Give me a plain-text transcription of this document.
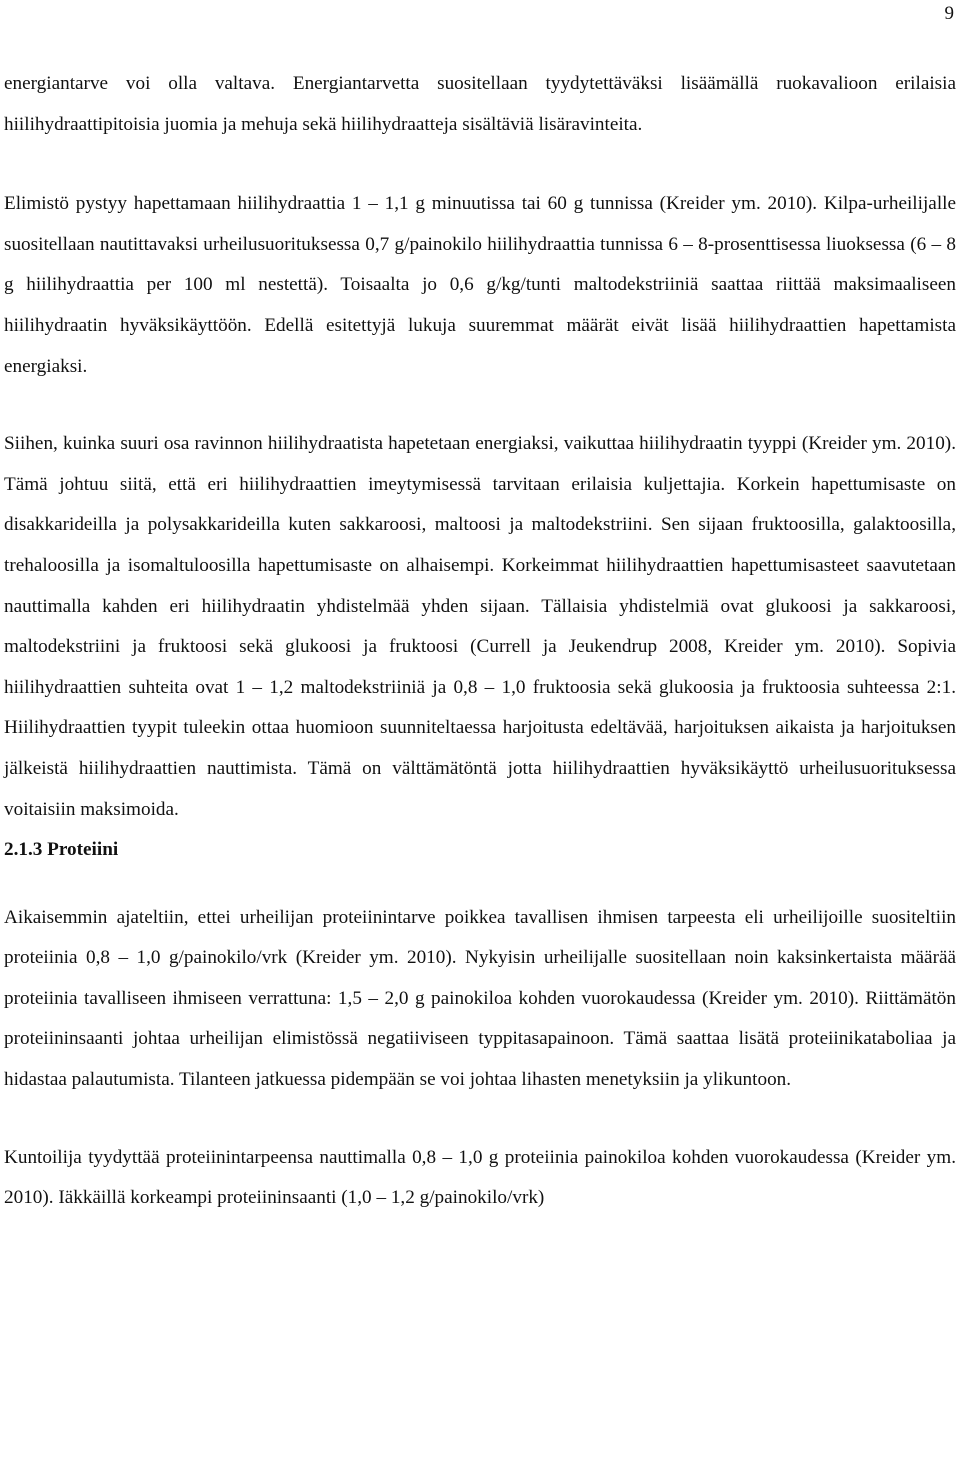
9

energiantarve voi olla valtava. Energiantarvetta suositellaan tyydytettäväksi lisäämällä ruokavalioon erilaisia hiilihydraattipitoisia juomia ja mehuja sekä hiilihydraatteja sisältäviä lisäravinteita.

Elimistö pystyy hapettamaan hiilihydraattia 1 – 1,1 g minuutissa tai 60 g tunnissa (Kreider ym. 2010). Kilpa-urheilijalle suositellaan nautittavaksi urheilusuorituksessa 0,7 g/painokilo hiilihydraattia tunnissa 6 – 8-prosenttisessa liuoksessa (6 – 8 g hiilihydraattia per 100 ml nestettä). Toisaalta jo 0,6 g/kg/tunti maltodekstriiniä saattaa riittää maksimaaliseen hiilihydraatin hyväksikäyttöön. Edellä esitettyjä lukuja suuremmat määrät eivät lisää hiilihydraattien hapettamista energiaksi.

Siihen, kuinka suuri osa ravinnon hiilihydraatista hapetetaan energiaksi, vaikuttaa hiilihydraatin tyyppi (Kreider ym. 2010). Tämä johtuu siitä, että eri hiilihydraattien imeytymisessä tarvitaan erilaisia kuljettajia. Korkein hapettumisaste on disakkarideilla ja polysakkarideilla kuten sakkaroosi, maltoosi ja maltodekstriini. Sen sijaan fruktoosilla, galaktoosilla, trehaloosilla ja isomaltuloosilla hapettumisaste on alhaisempi. Korkeimmat hiilihydraattien hapettumisasteet saavutetaan nauttimalla kahden eri hiilihydraatin yhdistelmää yhden sijaan. Tällaisia yhdistelmiä ovat glukoosi ja sakkaroosi, maltodekstriini ja fruktoosi sekä glukoosi ja fruktoosi (Currell ja Jeukendrup 2008, Kreider ym. 2010). Sopivia hiilihydraattien suhteita ovat 1 – 1,2 maltodekstriiniä ja 0,8 – 1,0 fruktoosia sekä glukoosia ja fruktoosia suhteessa 2:1. Hiilihydraattien tyypit tuleekin ottaa huomioon suunniteltaessa harjoitusta edeltävää, harjoituksen aikaista ja harjoituksen jälkeistä hiilihydraattien nauttimista. Tämä on välttämätöntä jotta hiilihydraattien hyväksikäyttö urheilusuorituksessa voitaisiin maksimoida.

2.1.3 Proteiini

Aikaisemmin ajateltiin, ettei urheilijan proteiinintarve poikkea tavallisen ihmisen tarpeesta eli urheilijoille suositeltiin proteiinia 0,8 – 1,0 g/painokilo/vrk (Kreider ym. 2010). Nykyisin urheilijalle suositellaan noin kaksinkertaista määrää proteiinia tavalliseen ihmiseen verrattuna: 1,5 – 2,0 g painokiloa kohden vuorokaudessa (Kreider ym. 2010). Riittämätön proteiininsaanti johtaa urheilijan elimistössä negatiiviseen typpitasapainoon. Tämä saattaa lisätä proteiinikataboliaa ja hidastaa palautumista. Tilanteen jatkuessa pidempään se voi johtaa lihasten menetyksiin ja ylikuntoon.

Kuntoilija tyydyttää proteiinintarpeensa nauttimalla 0,8 – 1,0 g proteiinia painokiloa kohden vuorokaudessa (Kreider ym. 2010). Iäkkäillä korkeampi proteiininsaanti (1,0 – 1,2 g/painokilo/vrk)
